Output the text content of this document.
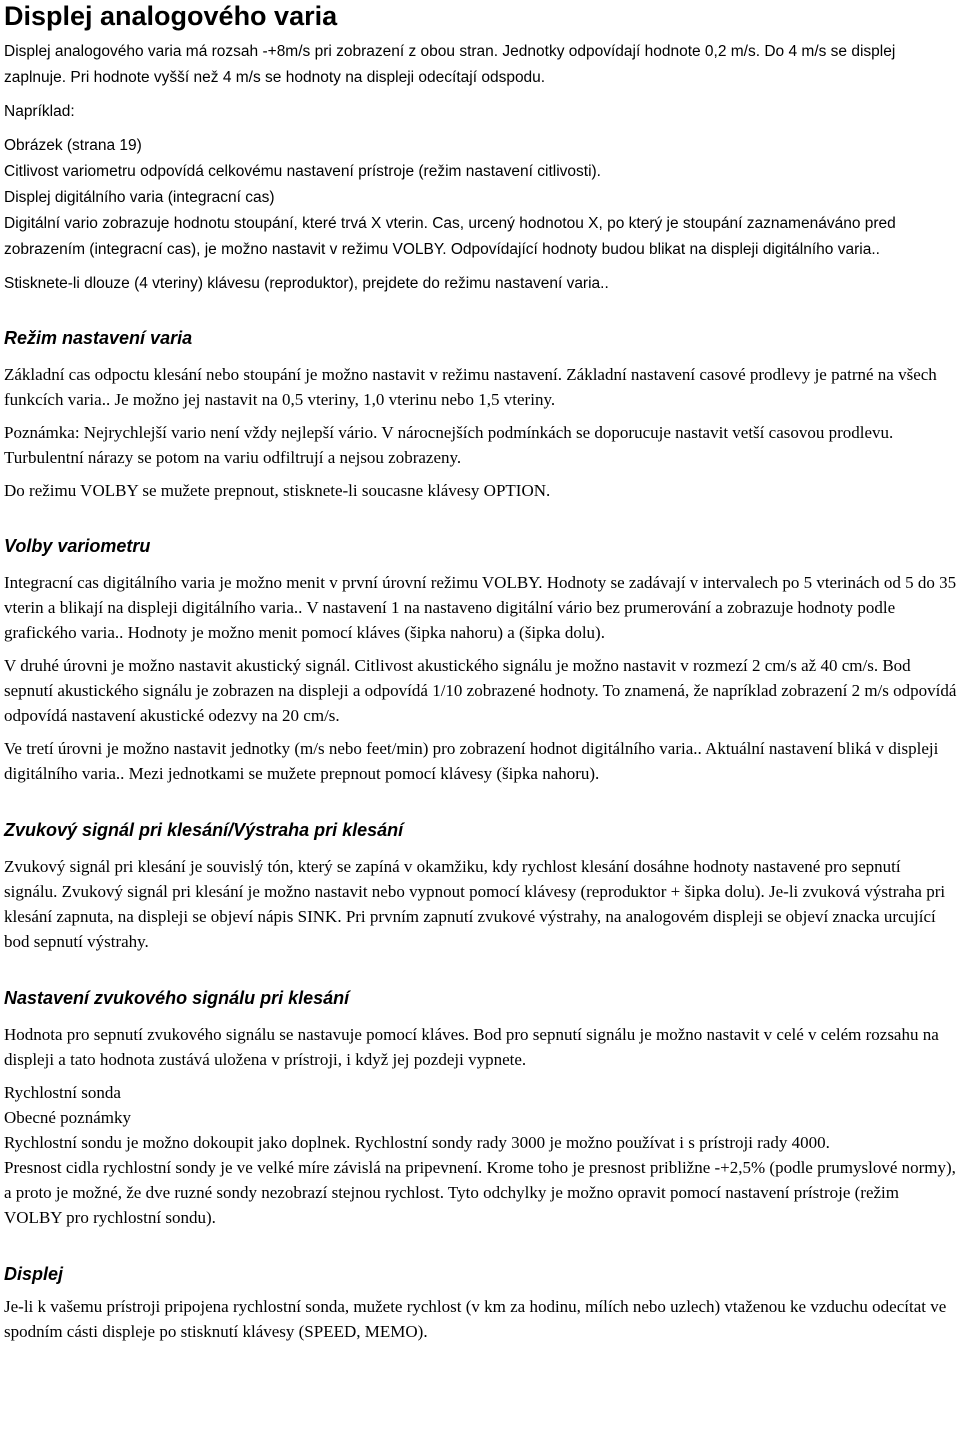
Displej analogového varia

Displej analogového varia má rozsah -+8m/s pri zobrazení z obou stran. Jednotky odpovídají hodnote 0,2 m/s. Do 4 m/s se displej zaplnuje. Pri hodnote vyšší než 4 m/s se hodnoty na displeji odecítají odspodu.

Napríklad:

Obrázek (strana 19)

Citlivost variometru odpovídá celkovému nastavení prístroje (režim nastavení citlivosti).

Displej digitálního varia (integracní cas)

Digitální vario zobrazuje hodnotu stoupání, které trvá X vterin. Cas, urcený hodnotou X, po který je stoupání zaznamenáváno pred zobrazením (integracní cas), je možno nastavit v režimu VOLBY. Odpovídající hodnoty budou blikat na displeji digitálního varia..

Stisknete-li dlouze (4 vteriny) klávesu (reproduktor), prejdete do režimu nastavení varia..

Režim nastavení varia

Základní cas odpoctu klesání nebo stoupání je možno nastavit v režimu nastavení. Základní nastavení casové prodlevy je patrné na všech funkcích varia.. Je možno jej nastavit na 0,5 vteriny, 1,0 vterinu nebo 1,5 vteriny.

Poznámka: Nejrychlejší vario není vždy nejlepší vário. V nárocnejších podmínkách se doporucuje nastavit vetší casovou prodlevu. Turbulentní nárazy se potom na variu odfiltrují a nejsou zobrazeny.

Do režimu VOLBY se mužete prepnout, stisknete-li soucasne klávesy OPTION.

Volby variometru

Integracní cas digitálního varia je možno menit v první úrovní režimu VOLBY. Hodnoty se zadávají v intervalech po 5 vterinách od 5 do 35 vterin a blikají na displeji digitálního varia.. V nastavení 1 na nastaveno digitální vário bez prumerování a zobrazuje hodnoty podle grafického varia.. Hodnoty je možno menit pomocí kláves (šipka nahoru) a (šipka dolu).

V druhé úrovni je možno nastavit akustický signál. Citlivost akustického signálu je možno nastavit v rozmezí 2 cm/s až 40 cm/s. Bod sepnutí akustického signálu je zobrazen na displeji a odpovídá 1/10 zobrazené hodnoty. To znamená, že napríklad zobrazení 2 m/s odpovídá odpovídá nastavení akustické odezvy na 20 cm/s.

Ve tretí úrovni je možno nastavit jednotky (m/s nebo feet/min) pro zobrazení hodnot digitálního varia.. Aktuální nastavení bliká v displeji digitálního varia.. Mezi jednotkami se mužete prepnout pomocí klávesy (šipka nahoru).

Zvukový signál pri klesání/Výstraha pri klesání

Zvukový signál pri klesání je souvislý tón, který se zapíná v okamžiku, kdy rychlost klesání dosáhne hodnoty nastavené pro sepnutí signálu. Zvukový signál pri klesání je možno nastavit nebo vypnout pomocí klávesy (reproduktor + šipka dolu). Je-li zvuková výstraha pri klesání zapnuta, na displeji se objeví nápis SINK. Pri prvním zapnutí zvukové výstrahy, na analogovém displeji se objeví znacka urcující bod sepnutí výstrahy.

Nastavení zvukového signálu pri klesání

Hodnota pro sepnutí zvukového signálu se nastavuje pomocí kláves. Bod pro sepnutí signálu je možno nastavit v celé v celém rozsahu na displeji a tato hodnota zustává uložena v prístroji, i když jej pozdeji vypnete.

Rychlostní sonda

Obecné poznámky

Rychlostní sondu je možno dokoupit jako doplnek. Rychlostní sondy rady 3000 je možno používat i s prístroji rady 4000.

Presnost cidla rychlostní sondy je ve velké míre závislá na pripevnení. Krome toho je presnost približne -+2,5% (podle prumyslové normy), a proto je možné, že dve ruzné sondy nezobrazí stejnou rychlost. Tyto odchylky je možno opravit pomocí nastavení prístroje (režim VOLBY pro rychlostní sondu).

Displej

Je-li k vašemu prístroji pripojena rychlostní sonda, mužete rychlost (v km za hodinu, mílích nebo uzlech) vtaženou ke vzduchu odecítat ve spodním cásti displeje po stisknutí klávesy (SPEED, MEMO).
